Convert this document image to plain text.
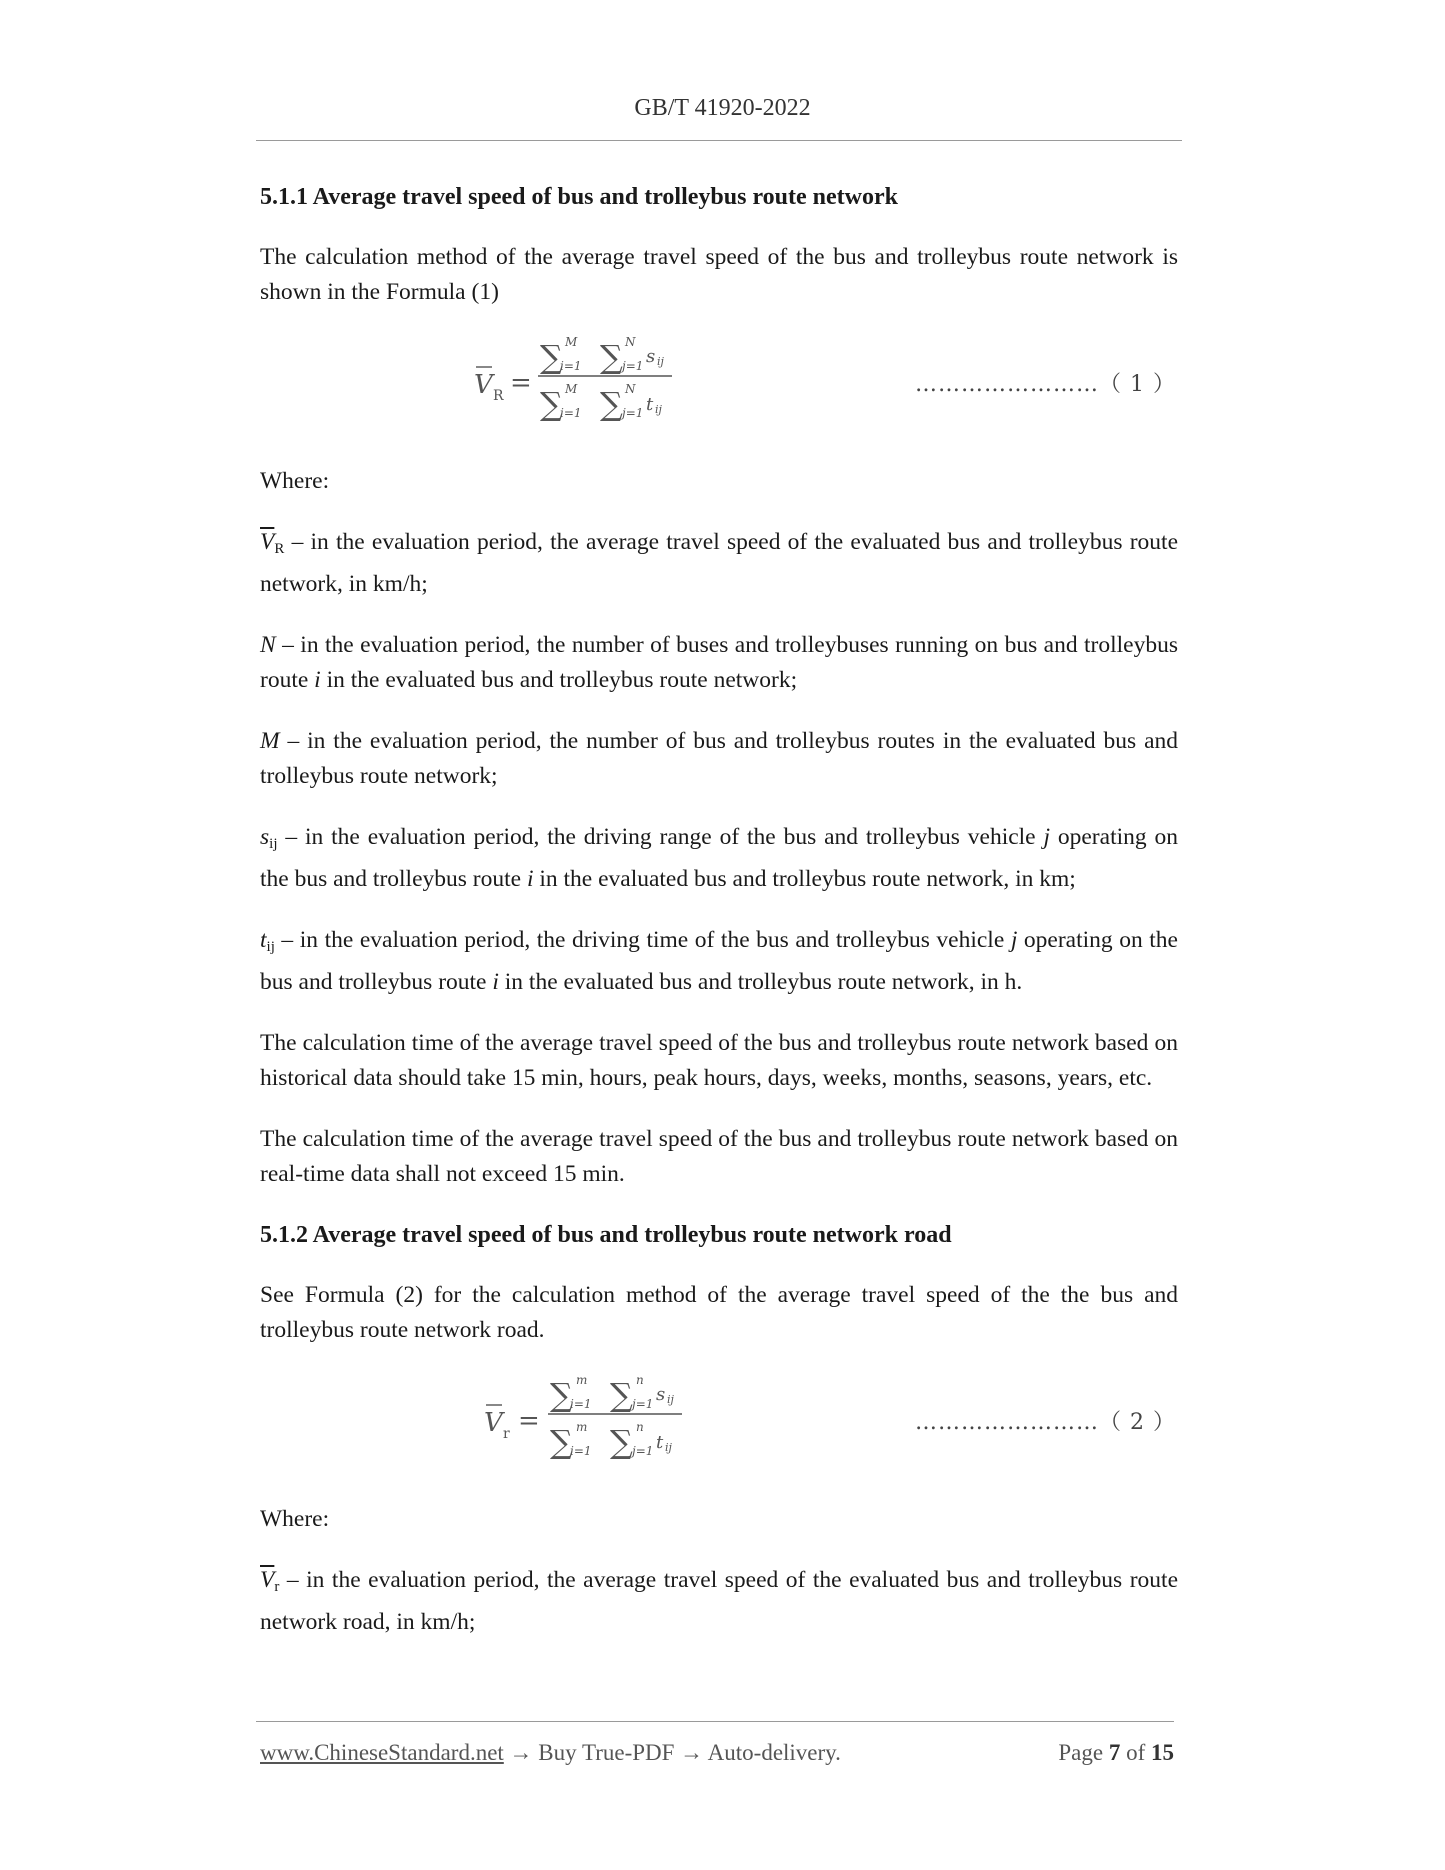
GB/T 41920-2022
5.1.1 Average travel speed of bus and trolleybus route network

The calculation method of the average travel speed of the bus and trolleybus route network is shown in the Formula (1)

V R =
∑ M
i=1 ∑ N
j=1 s ij
∑ M
i=1 ∑ N
j=1 t ij
……………………（ 1 ）

Where:

$\overline{V}_R$ – in the evaluation period, the average travel speed of the evaluated bus and trolleybus route network, in km/h;

N – in the evaluation period, the number of buses and trolleybuses running on bus and trolleybus route i in the evaluated bus and trolleybus route network;

M – in the evaluation period, the number of bus and trolleybus routes in the evaluated bus and trolleybus route network;

$s_{ij}$ – in the evaluation period, the driving range of the bus and trolleybus vehicle j operating on the bus and trolleybus route i in the evaluated bus and trolleybus route network, in km;

$t_{ij}$ – in the evaluation period, the driving time of the bus and trolleybus vehicle j operating on the bus and trolleybus route i in the evaluated bus and trolleybus route network, in h.

The calculation time of the average travel speed of the bus and trolleybus route network based on historical data should take 15 min, hours, peak hours, days, weeks, months, seasons, years, etc.

The calculation time of the average travel speed of the bus and trolleybus route network based on real-time data shall not exceed 15 min.

5.1.2 Average travel speed of bus and trolleybus route network road

See Formula (2) for the calculation method of the average travel speed of the the bus and trolleybus route network road.

V r =
∑ m
i=1 ∑ n
j=1 s ij
∑ m
i=1 ∑ n
j=1 t ij
……………………（ 2 ）

Where:

$\overline{V}_r$ – in the evaluation period, the average travel speed of the evaluated bus and trolleybus route network road, in km/h;

www.ChineseStandard.net → Buy True-PDF → Auto-delivery.	Page 7 of 15
